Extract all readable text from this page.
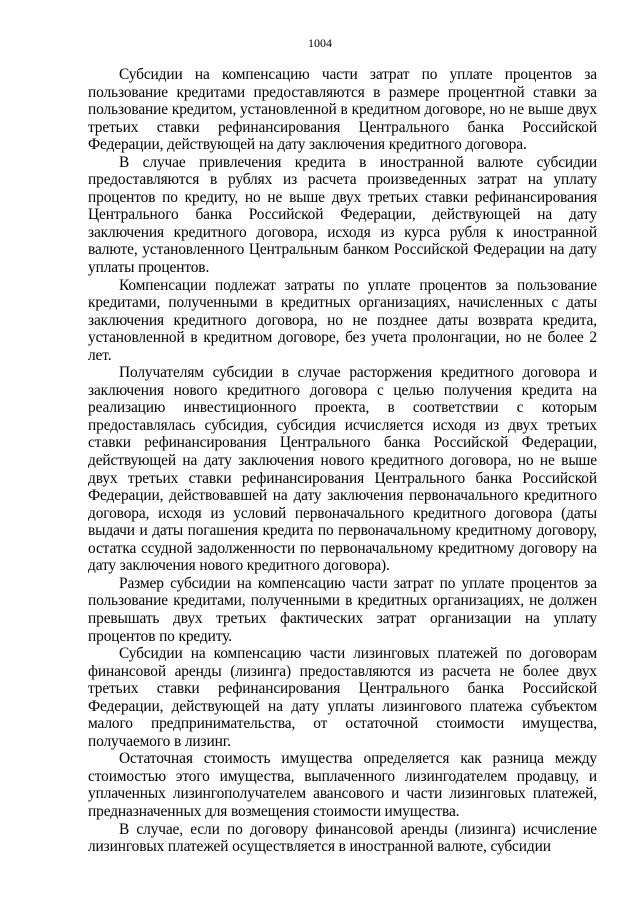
1004

Субсидии на компенсацию части затрат по уплате процентов за пользование кредитами предоставляются в размере процентной ставки за пользование кредитом, установленной в кредитном договоре, но не выше двух третьих ставки рефинансирования Центрального банка Российской Федерации, действующей на дату заключения кредитного договора.

В случае привлечения кредита в иностранной валюте субсидии предоставляются в рублях из расчета произведенных затрат на уплату процентов по кредиту, но не выше двух третьих ставки рефинансирования Центрального банка Российской Федерации, действующей на дату заключения кредитного договора, исходя из курса рубля к иностранной валюте, установленного Центральным банком Российской Федерации на дату уплаты процентов.

Компенсации подлежат затраты по уплате процентов за пользование кредитами, полученными в кредитных организациях, начисленных с даты заключения кредитного договора, но не позднее даты возврата кредита, установленной в кредитном договоре, без учета пролонгации, но не более 2 лет.

Получателям субсидии в случае расторжения кредитного договора и заключения нового кредитного договора с целью получения кредита на реализацию инвестиционного проекта, в соответствии с которым предоставлялась субсидия, субсидия исчисляется исходя из двух третьих ставки рефинансирования Центрального банка Российской Федерации, действующей на дату заключения нового кредитного договора, но не выше двух третьих ставки рефинансирования Центрального банка Российской Федерации, действовавшей на дату заключения первоначального кредитного договора, исходя из условий первоначального кредитного договора (даты выдачи и даты погашения кредита по первоначальному кредитному договору, остатка ссудной задолженности по первоначальному кредитному договору на дату заключения нового кредитного договора).

Размер субсидии на компенсацию части затрат по уплате процентов за пользование кредитами, полученными в кредитных организациях, не должен превышать двух третьих фактических затрат организации на уплату процентов по кредиту.

Субсидии на компенсацию части лизинговых платежей по договорам финансовой аренды (лизинга) предоставляются из расчета не более двух третьих ставки рефинансирования Центрального банка Российской Федерации, действующей на дату уплаты лизингового платежа субъектом малого предпринимательства, от остаточной стоимости имущества, получаемого в лизинг.

Остаточная стоимость имущества определяется как разница между стоимостью этого имущества, выплаченного лизингодателем продавцу, и уплаченных лизингополучателем авансового и части лизинговых платежей, предназначенных для возмещения стоимости имущества.

В случае, если по договору финансовой аренды (лизинга) исчисление лизинговых платежей осуществляется в иностранной валюте, субсидии
